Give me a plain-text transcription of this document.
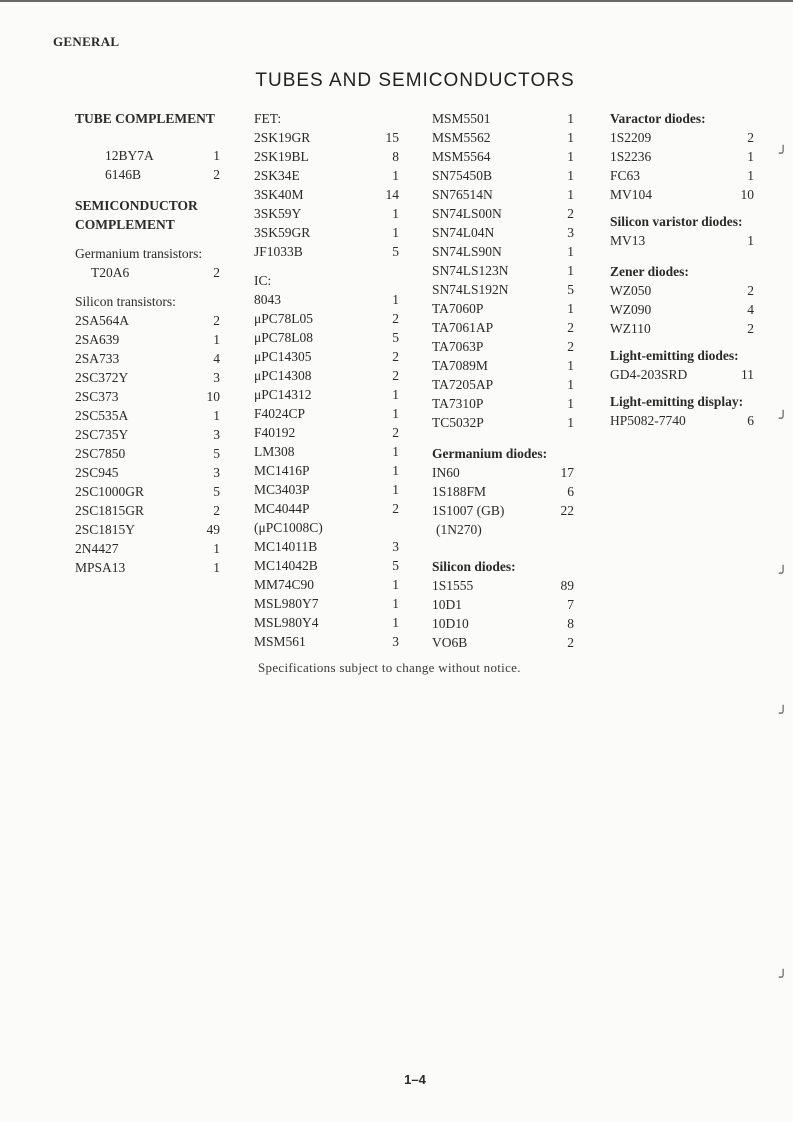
GENERAL
TUBES AND SEMICONDUCTORS
TUBE COMPLEMENT
12BY7A	1
6146B	2
SEMICONDUCTOR
COMPLEMENT
Germanium transistors:
T20A6	2
Silicon transistors:
2SA564A	2
2SA639	1
2SA733	4
2SC372Y	3
2SC373	10
2SC535A	1
2SC735Y	3
2SC7850	5
2SC945	3
2SC1000GR	5
2SC1815GR	2
2SC1815Y	49
2N4427	1
MPSA13	1
FET:
2SK19GR	15
2SK19BL	8
2SK34E	1
3SK40M	14
3SK59Y	1
3SK59GR	1
JF1033B	5
IC:
8043	1
μPC78L05	2
μPC78L08	5
μPC14305	2
μPC14308	2
μPC14312	1
F4024CP	1
F40192	2
LM308	1
MC1416P	1
MC3403P	1
MC4044P	2
(μPC1008C)
MC14011B	3
MC14042B	5
MM74C90	1
MSL980Y7	1
MSL980Y4	1
MSM561	3
MSM5501	1
MSM5562	1
MSM5564	1
SN75450B	1
SN76514N	1
SN74LS00N	2
SN74L04N	3
SN74LS90N	1
SN74LS123N	1
SN74LS192N	5
TA7060P	1
TA7061AP	2
TA7063P	2
TA7089M	1
TA7205AP	1
TA7310P	1
TC5032P	1
Germanium diodes:
IN60	17
1S188FM	6
1S1007 (GB)	22
(1N270)
Silicon diodes:
1S1555	89
10D1	7
10D10	8
VO6B	2
Varactor diodes:
1S2209	2
1S2236	1
FC63	1
MV104	10
Silicon varistor diodes:
MV13	1
Zener diodes:
WZ050	2
WZ090	4
WZ110	2
Light-emitting diodes:
GD4-203SRD	11
Light-emitting display:
HP5082-7740	6
Specifications subject to change without notice.
1–4
╯
╯
╯
╯
╯
